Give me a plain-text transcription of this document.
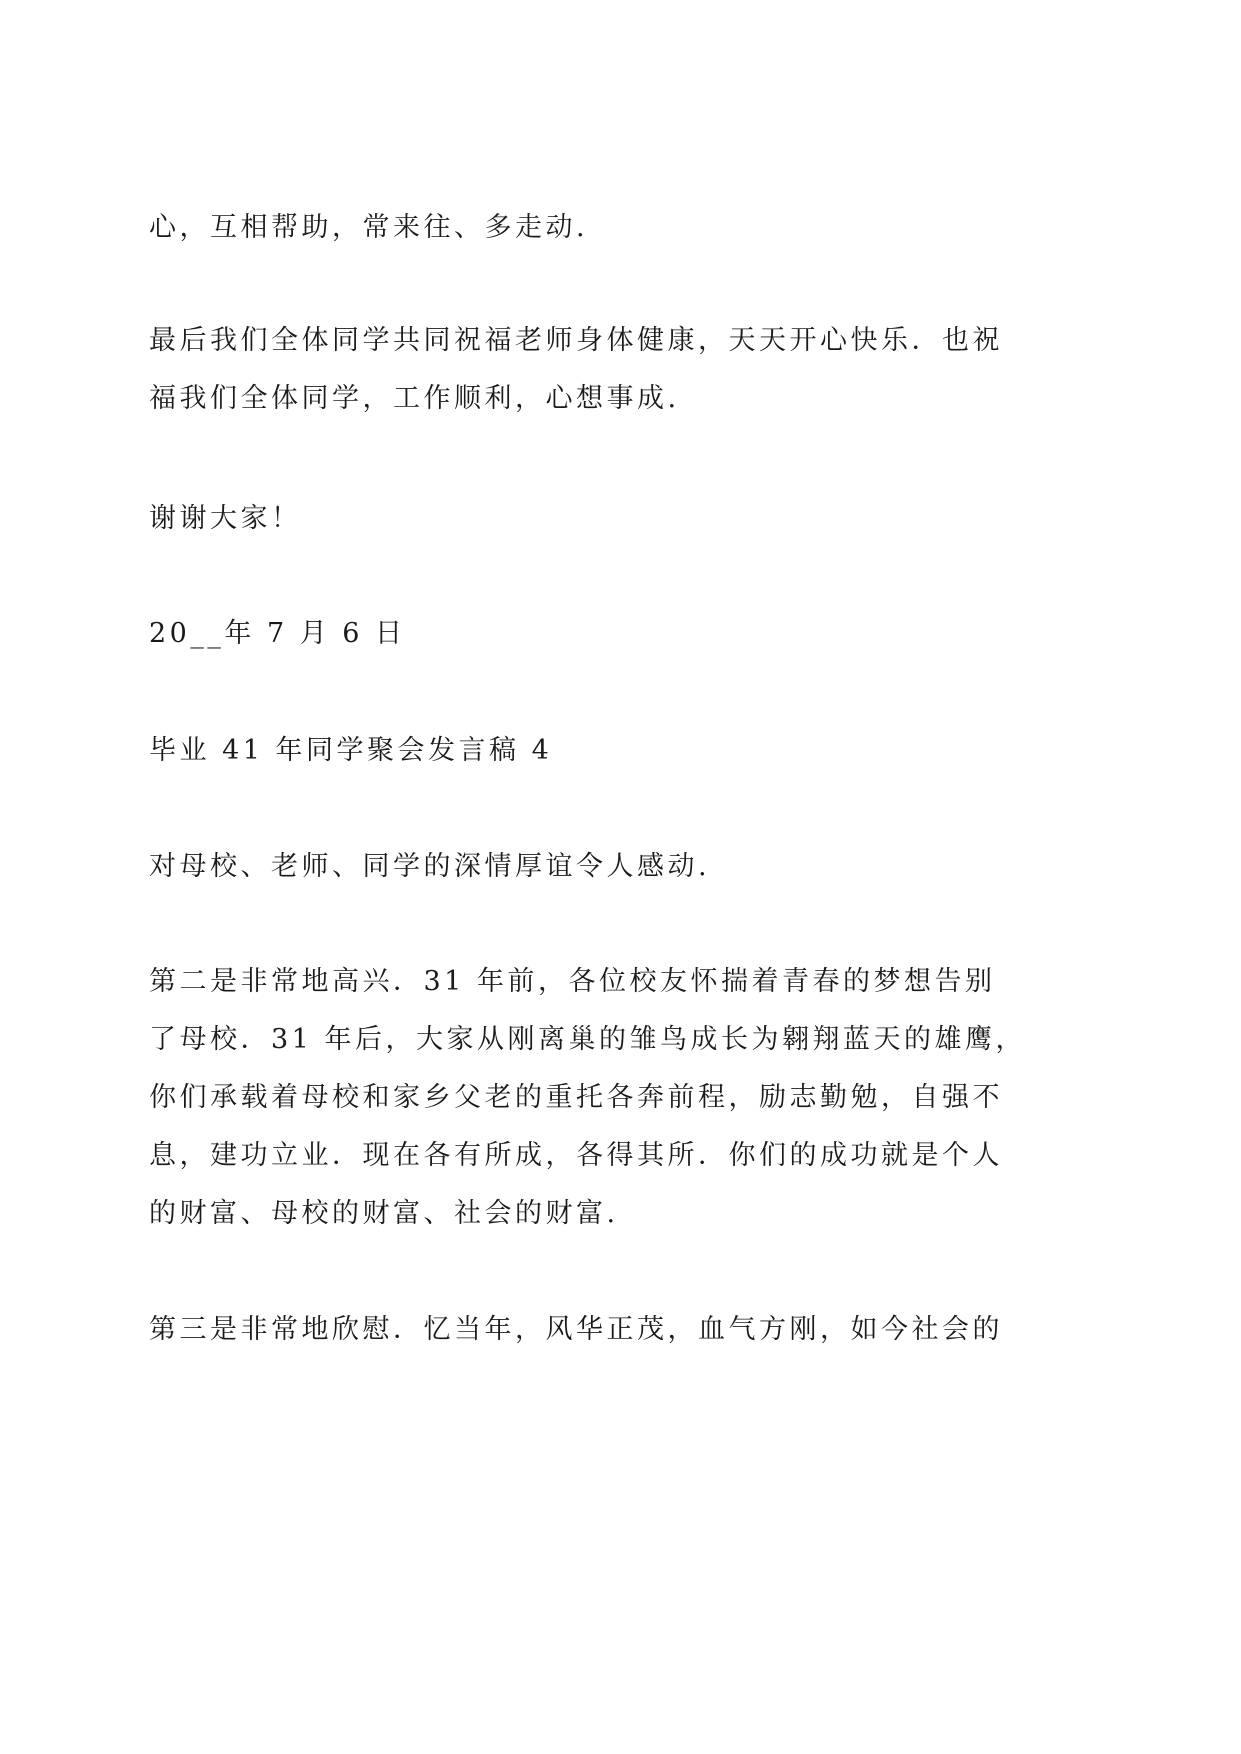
心，互相帮助，常来往、多走动.

最后我们全体同学共同祝福老师身体健康，天天开心快乐．也祝

福我们全体同学，工作顺利，心想事成.

谢谢大家！

20__年 7 月 6 日

毕业 41 年同学聚会发言稿 4

对母校、老师、同学的深情厚谊令人感动.

第二是非常地高兴．31 年前，各位校友怀揣着青春的梦想告别

了母校．31 年后，大家从刚离巢的雏鸟成长为翱翔蓝天的雄鹰，

你们承载着母校和家乡父老的重托各奔前程，励志勤勉，自强不

息，建功立业．现在各有所成，各得其所．你们的成功就是个人

的财富、母校的财富、社会的财富.

第三是非常地欣慰．忆当年，风华正茂，血气方刚，如今社会的
